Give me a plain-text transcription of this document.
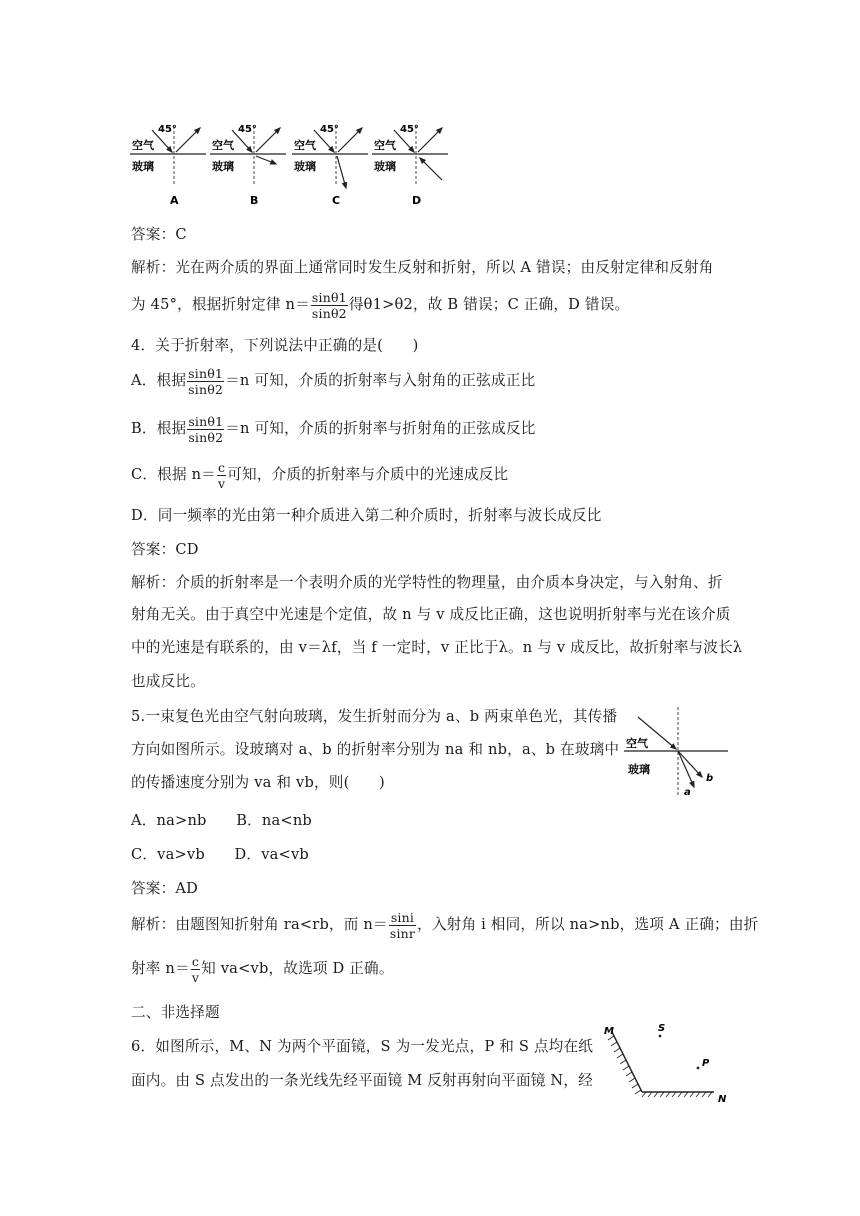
45°
空气
玻璃
A
45°
空气
玻璃
B
45°
空气
玻璃
C
45°
空气
玻璃
D
答案：C
解析：光在两介质的界面上通常同时发生反射和折射，所以 A 错误；由反射定律和反射角
为 45°，根据折射定律 $n= \frac{\sin\theta 1}{\sin\theta 2}$ 得θ1>θ2，故 B 错误；C 正确，D 错误。
4．关于折射率，下列说法中正确的是(　　)
A．根据 $\frac{\sin\theta 1}{\sin\theta 2} =n$ 可知，介质的折射率与入射角的正弦成正比
B．根据 $\frac{\sin\theta 1}{\sin\theta 2} =n$ 可知，介质的折射率与折射角的正弦成反比
C．根据 $n= \frac{c}{v}$ 可知，介质的折射率与介质中的光速成反比
D．同一频率的光由第一种介质进入第二种介质时，折射率与波长成反比
答案：CD
解析：介质的折射率是一个表明介质的光学特性的物理量，由介质本身决定，与入射角、折
射角无关。由于真空中光速是个定值，故 n 与 v 成反比正确，这也说明折射率与光在该介质
中的光速是有联系的，由 v＝λf，当 f 一定时，v 正比于λ。n 与 v 成反比，故折射率与波长λ
也成反比。
5.一束复色光由空气射向玻璃，发生折射而分为 a、b 两束单色光，其传播
方向如图所示。设玻璃对 a、b 的折射率分别为 na 和 nb，a、b 在玻璃中
的传播速度分别为 va 和 vb，则(　　)
空气
玻璃
a
b
A．na>nb　　B．na<nb
C．va>vb　　D．va<vb
答案：AD
解析：由题图知折射角 ra<rb，而 $n= \frac{\sin i}{\sin r}$ ，入射角 i 相同，所以 na>nb，选项 A 正确；由折
射率 $n= \frac{c}{v}$ 知 va<vb，故选项 D 正确。
二、非选择题
6．如图所示，M、N 为两个平面镜，S 为一发光点，P 和 S 点均在纸
面内。由 S 点发出的一条光线先经平面镜 M 反射再射向平面镜 N，经
M
N
S
P
